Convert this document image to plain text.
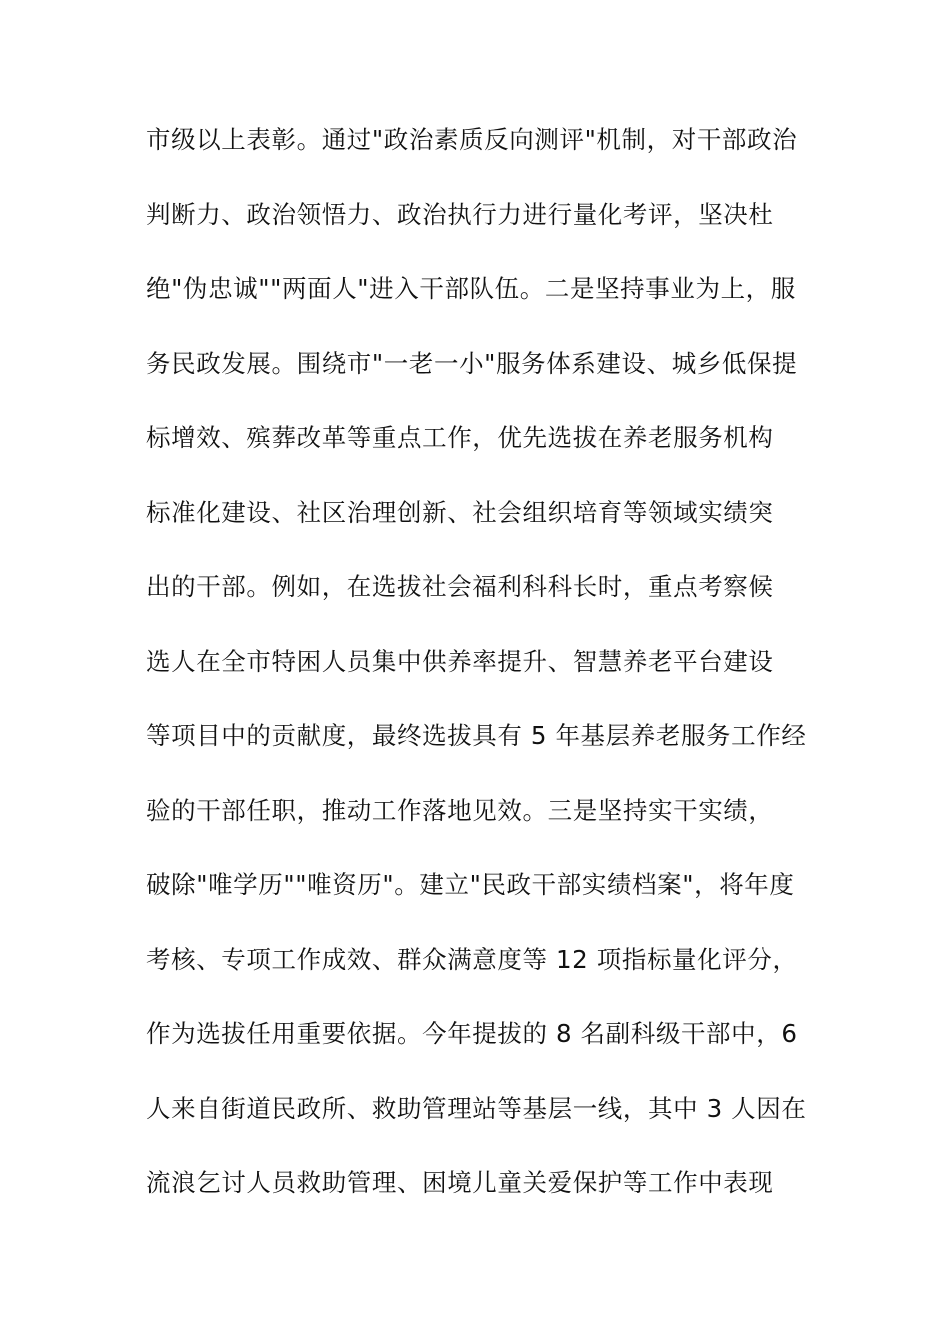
市级以上表彰。通过"政治素质反向测评"机制，对干部政治
判断力、政治领悟力、政治执行力进行量化考评，坚决杜
绝"伪忠诚""两面人"进入干部队伍。二是坚持事业为上，服
务民政发展。围绕市"一老一小"服务体系建设、城乡低保提
标增效、殡葬改革等重点工作，优先选拔在养老服务机构
标准化建设、社区治理创新、社会组织培育等领域实绩突
出的干部。例如，在选拔社会福利科科长时，重点考察候
选人在全市特困人员集中供养率提升、智慧养老平台建设
等项目中的贡献度，最终选拔具有 5 年基层养老服务工作经
验的干部任职，推动工作落地见效。三是坚持实干实绩，
破除"唯学历""唯资历"。建立"民政干部实绩档案"，将年度
考核、专项工作成效、群众满意度等 12 项指标量化评分，
作为选拔任用重要依据。今年提拔的 8 名副科级干部中，6
人来自街道民政所、救助管理站等基层一线，其中 3 人因在
流浪乞讨人员救助管理、困境儿童关爱保护等工作中表现
